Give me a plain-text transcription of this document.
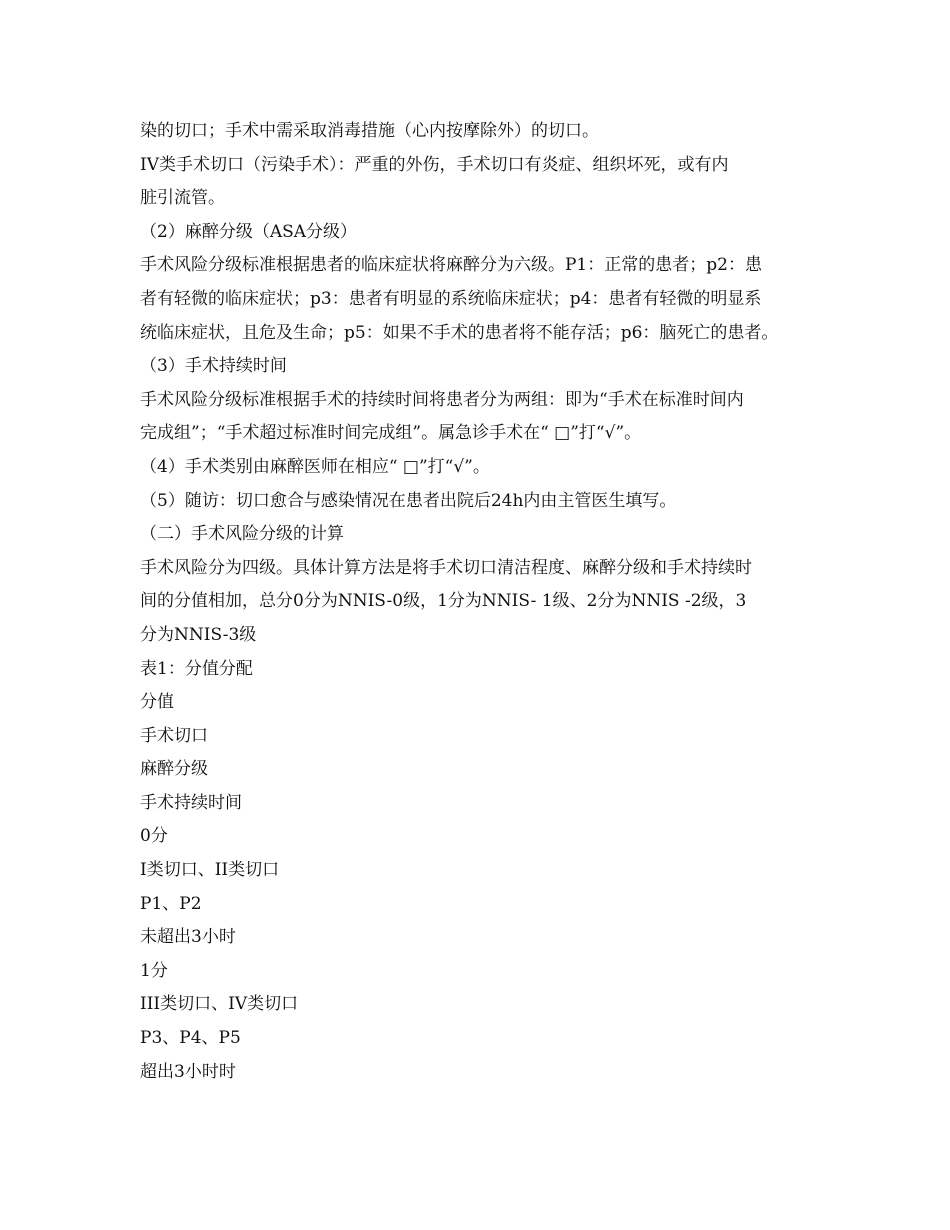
染的切口；手术中需采取消毒措施（心内按摩除外）的切口。
IV类手术切口（污染手术）：严重的外伤，手术切口有炎症、组织坏死，或有内
脏引流管。
（2）麻醉分级（ASA分级）
手术风险分级标准根据患者的临床症状将麻醉分为六级。P1：正常的患者；p2：患
者有轻微的临床症状；p3：患者有明显的系统临床症状；p4：患者有轻微的明显系
统临床症状，且危及生命；p5：如果不手术的患者将不能存活；p6：脑死亡的患者。
（3）手术持续时间
手术风险分级标准根据手术的持续时间将患者分为两组：即为“手术在标准时间内
完成组”；“手术超过标准时间完成组”。属急诊手术在“ □”打“√”。
（4）手术类别由麻醉医师在相应“ □”打“√”。
（5）随访：切口愈合与感染情况在患者出院后24h内由主管医生填写。
（二）手术风险分级的计算
手术风险分为四级。具体计算方法是将手术切口清洁程度、麻醉分级和手术持续时
间的分值相加，总分0分为NNIS-0级，1分为NNIS- 1级、2分为NNIS -2级，3
分为NNIS-3级
表1：分值分配
分值
手术切口
麻醉分级
手术持续时间
0分
I类切口、II类切口
P1、P2
未超出3小时
1分
III类切口、IV类切口
P3、P4、P5
超出3小时时
